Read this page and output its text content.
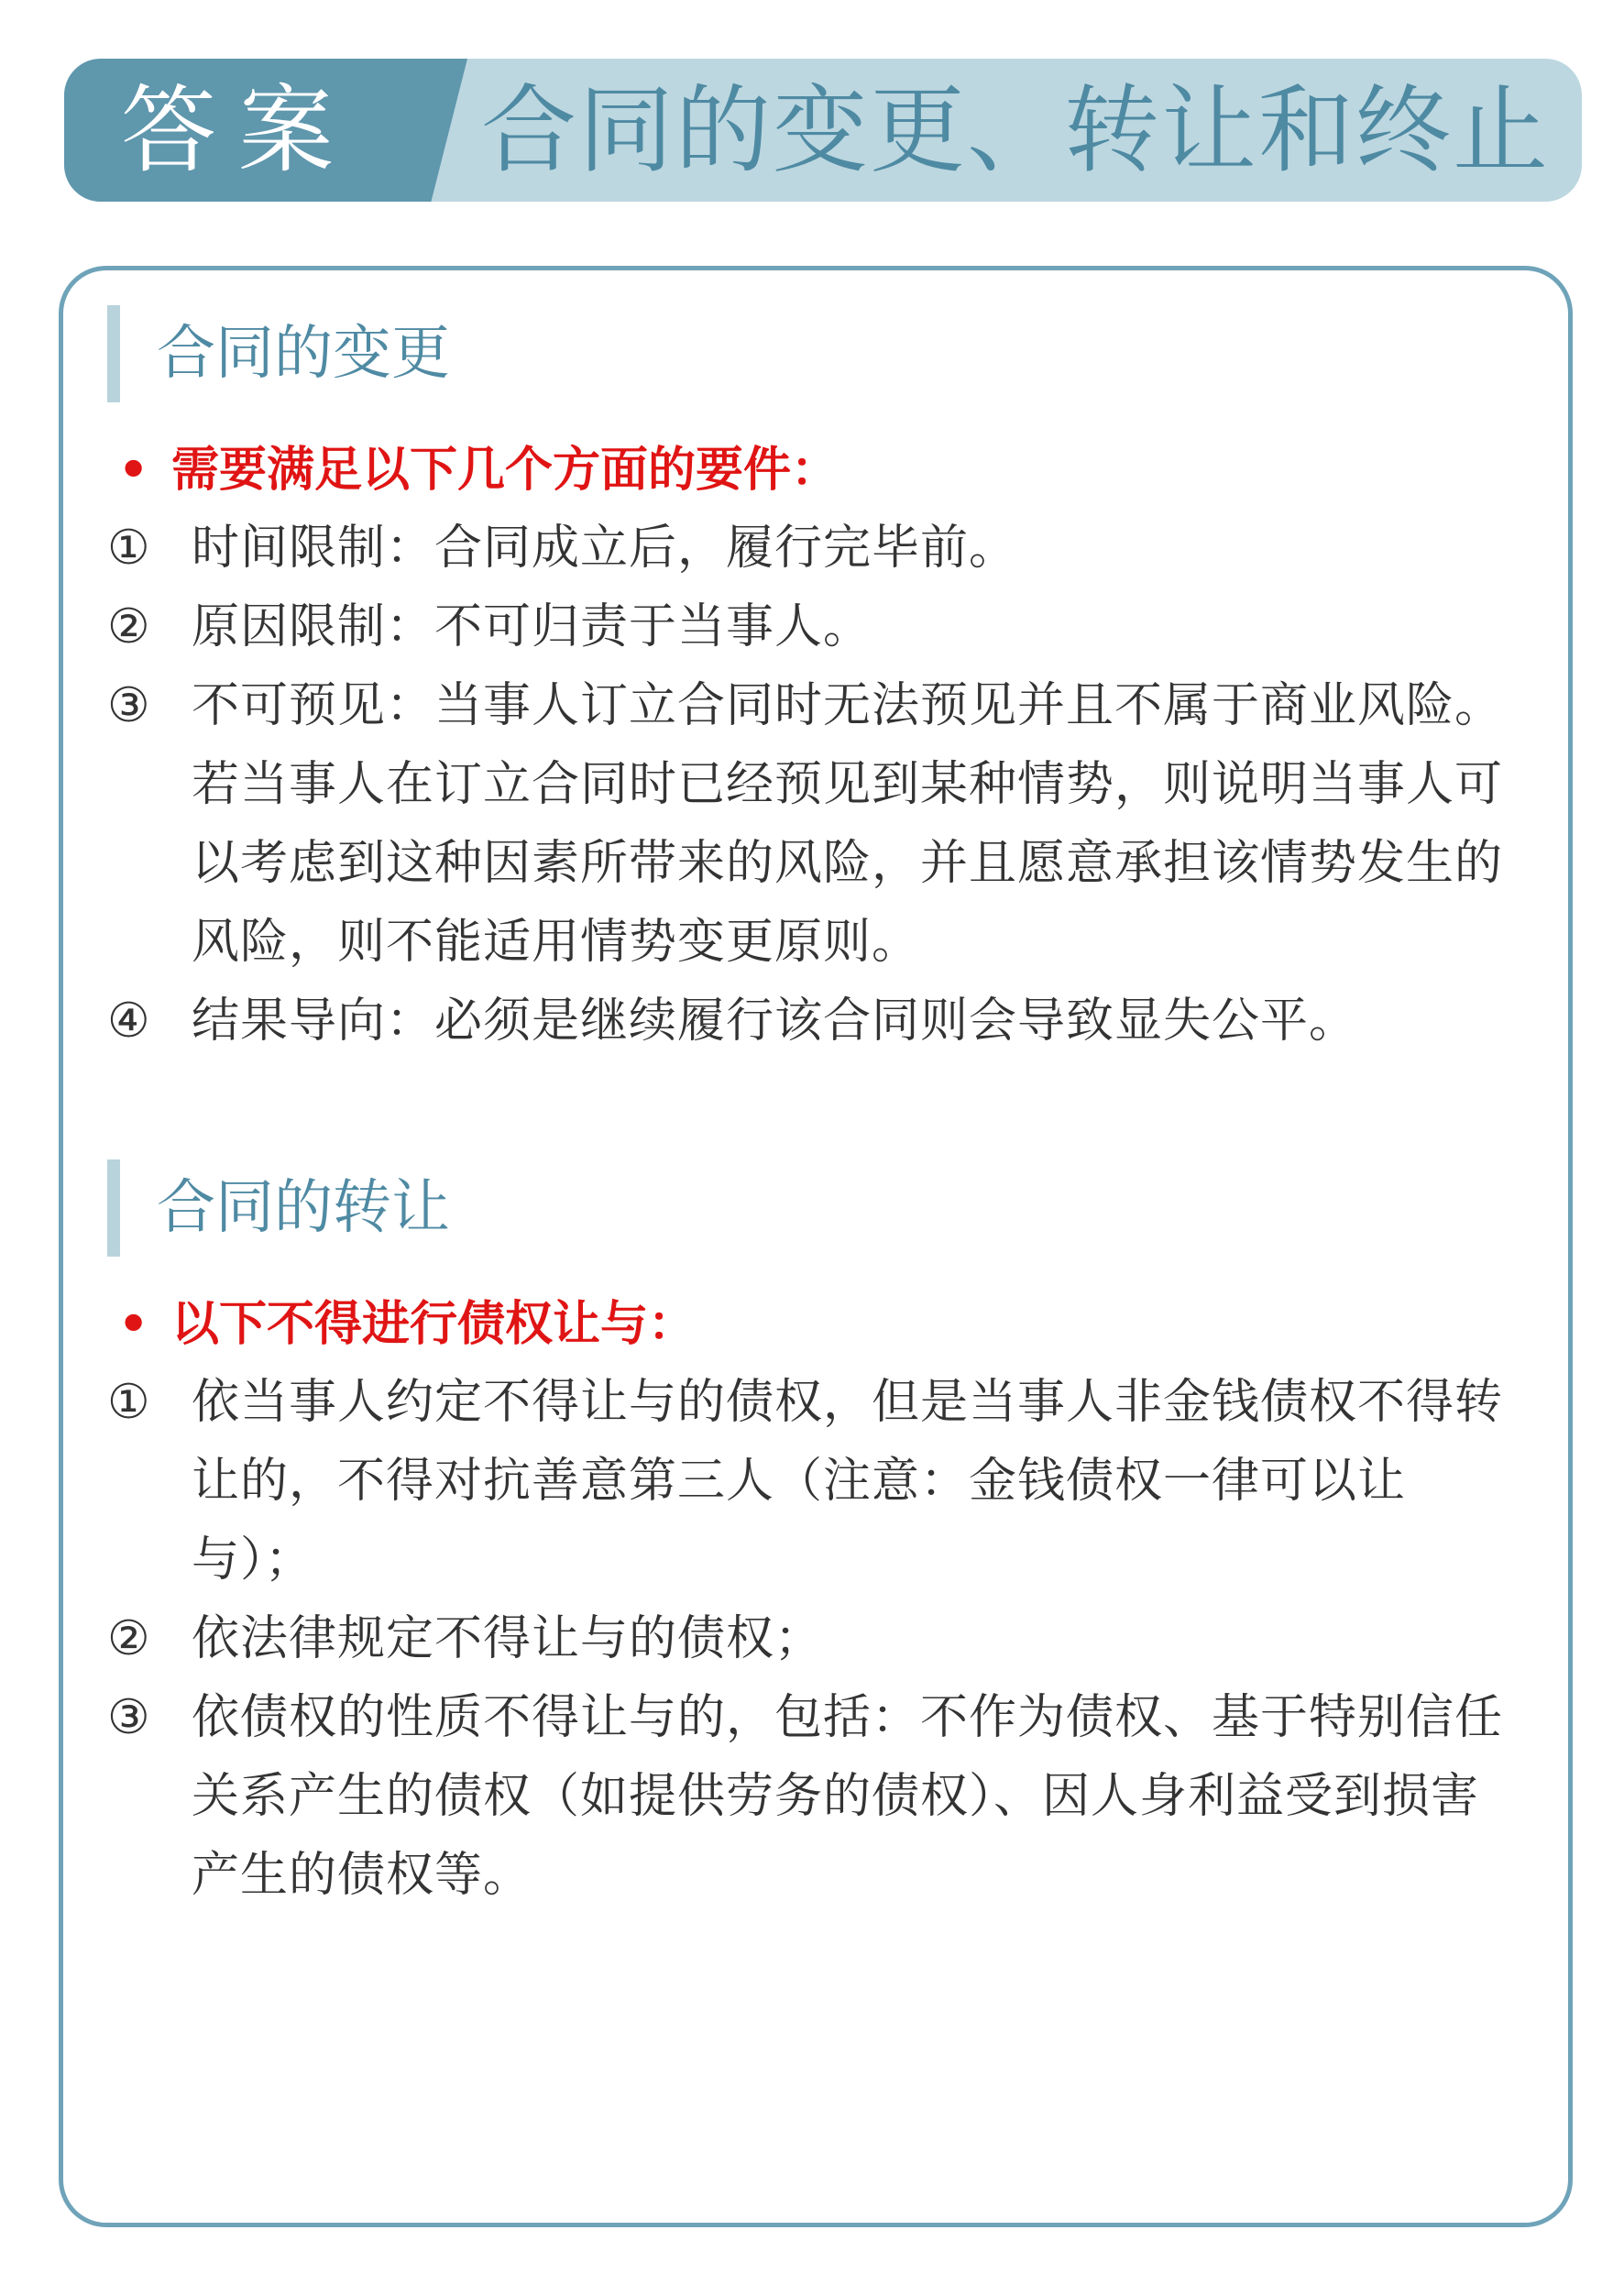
答案 合同的变更、转让和终止
合同的变更
• 需要满足以下几个方面的要件：
① 时间限制：合同成立后，履行完毕前。
② 原因限制：不可归责于当事人。
③ 不可预见：当事人订立合同时无法预见并且不属于商业风险。若当事人在订立合同时已经预见到某种情势，则说明当事人可以考虑到这种因素所带来的风险，并且愿意承担该情势发生的风险，则不能适用情势变更原则。
④ 结果导向：必须是继续履行该合同则会导致显失公平。
合同的转让
• 以下不得进行债权让与：
① 依当事人约定不得让与的债权，但是当事人非金钱债权不得转让的，不得对抗善意第三人（注意：金钱债权一律可以让与）；
② 依法律规定不得让与的债权；
③ 依债权的性质不得让与的，包括：不作为债权、基于特别信任关系产生的债权（如提供劳务的债权）、因人身利益受到损害产生的债权等。
